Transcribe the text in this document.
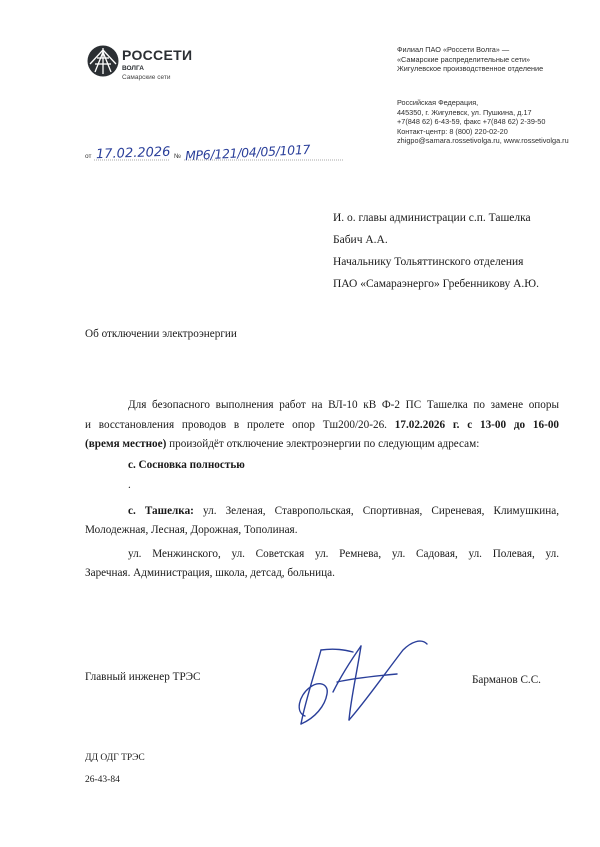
РОССЕТИ
ВОЛГА
Самарские сети
Филиал ПАО «Россети Волга» —
«Самарские распределительные сети»
Жигулевское производственное отделение
Российская Федерация,
445350, г. Жигулевск, ул. Пушкина, д.17
+7(848 62) 6-43-59, факс +7(848 62) 2-39-50
Контакт-центр: 8 (800) 220-02-20
zhigpo@samara.rossetivolga.ru, www.rossetivolga.ru
от 17.02.2026 № МР6/121/04/05/1017
И. о. главы администрации с.п. Ташелка
Бабич А.А.
Начальнику Тольяттинского отделения
ПАО «Самараэнерго» Гребенникову А.Ю.
Об отключении электроэнергии
Для безопасного выполнения работ на ВЛ-10 кВ Ф-2 ПС Ташелка по замене опоры
и восстановления проводов в пролете опор Тш200/20-26. 17.02.2026 г. с 13-00 до 16-00
(время местное) произойдёт отключение электроэнергии по следующим адресам:
с. Сосновка полностью
.
с. Ташелка: ул. Зеленая, Ставропольская, Спортивная, Сиреневая, Климушкина,
Молодежная, Лесная, Дорожная, Тополиная.
ул. Менжинского, ул. Советская ул. Ремнева, ул. Садовая, ул. Полевая, ул.
Заречная. Администрация, школа, детсад, больница.
Главный инженер ТРЭС	Барманов С.С.
ДД ОДГ ТРЭС
26-43-84
